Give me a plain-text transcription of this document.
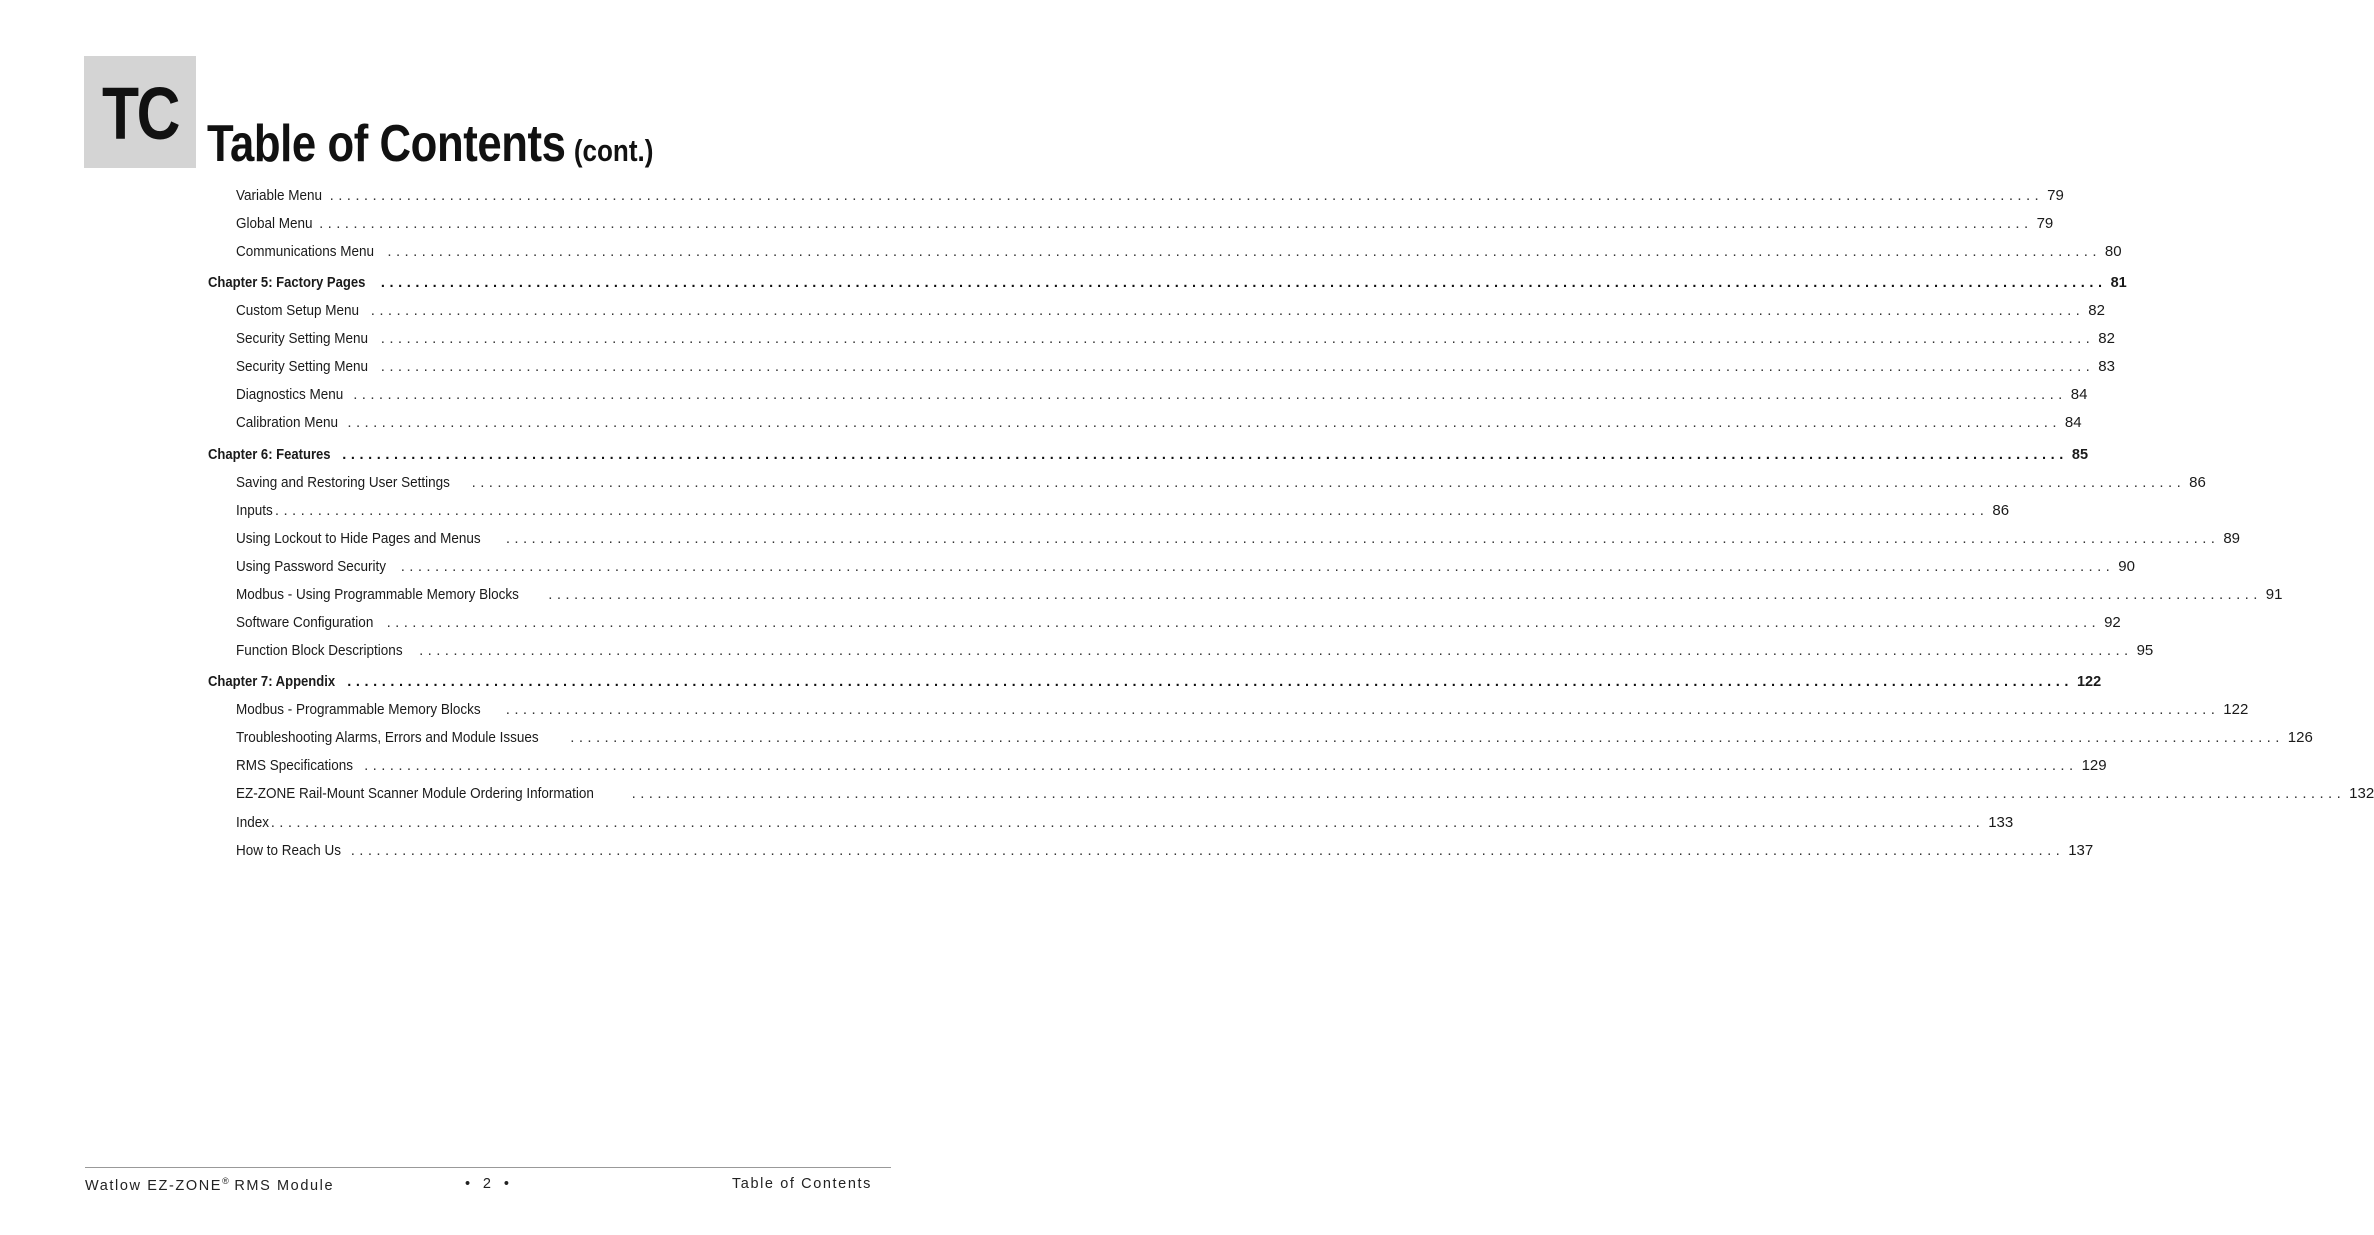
TC Table of Contents (cont.)
Variable Menu ........................................................................................................................................................................................................ 79
Global Menu ........................................................................................................................................................................................................ 79
Communications Menu ........................................................................................................................................................................................................ 80
Chapter 5: Factory Pages ........................................................................................................................................................................................................ 81
Custom Setup Menu ........................................................................................................................................................................................................ 82
Security Setting Menu ........................................................................................................................................................................................................ 82
Security Setting Menu ........................................................................................................................................................................................................ 83
Diagnostics Menu ........................................................................................................................................................................................................ 84
Calibration Menu ........................................................................................................................................................................................................ 84
Chapter 6: Features ........................................................................................................................................................................................................ 85
Saving and Restoring User Settings ........................................................................................................................................................................................................ 86
Inputs ........................................................................................................................................................................................................ 86
Using Lockout to Hide Pages and Menus ........................................................................................................................................................................................................ 89
Using Password Security ........................................................................................................................................................................................................ 90
Modbus - Using Programmable Memory Blocks ........................................................................................................................................................................................................ 91
Software Configuration ........................................................................................................................................................................................................ 92
Function Block Descriptions ........................................................................................................................................................................................................ 95
Chapter 7: Appendix ........................................................................................................................................................................................................ 122
Modbus - Programmable Memory Blocks ........................................................................................................................................................................................................ 122
Troubleshooting Alarms, Errors and Module Issues ........................................................................................................................................................................................................ 126
RMS Specifications ........................................................................................................................................................................................................ 129
EZ-ZONE Rail-Mount Scanner Module Ordering Information	........................................................................................................................................................................................................ 132
Index ........................................................................................................................................................................................................ 133
How to Reach Us ........................................................................................................................................................................................................ 137
Watlow EZ-ZONE® RMS Module	•  2  •	Table of Contents
